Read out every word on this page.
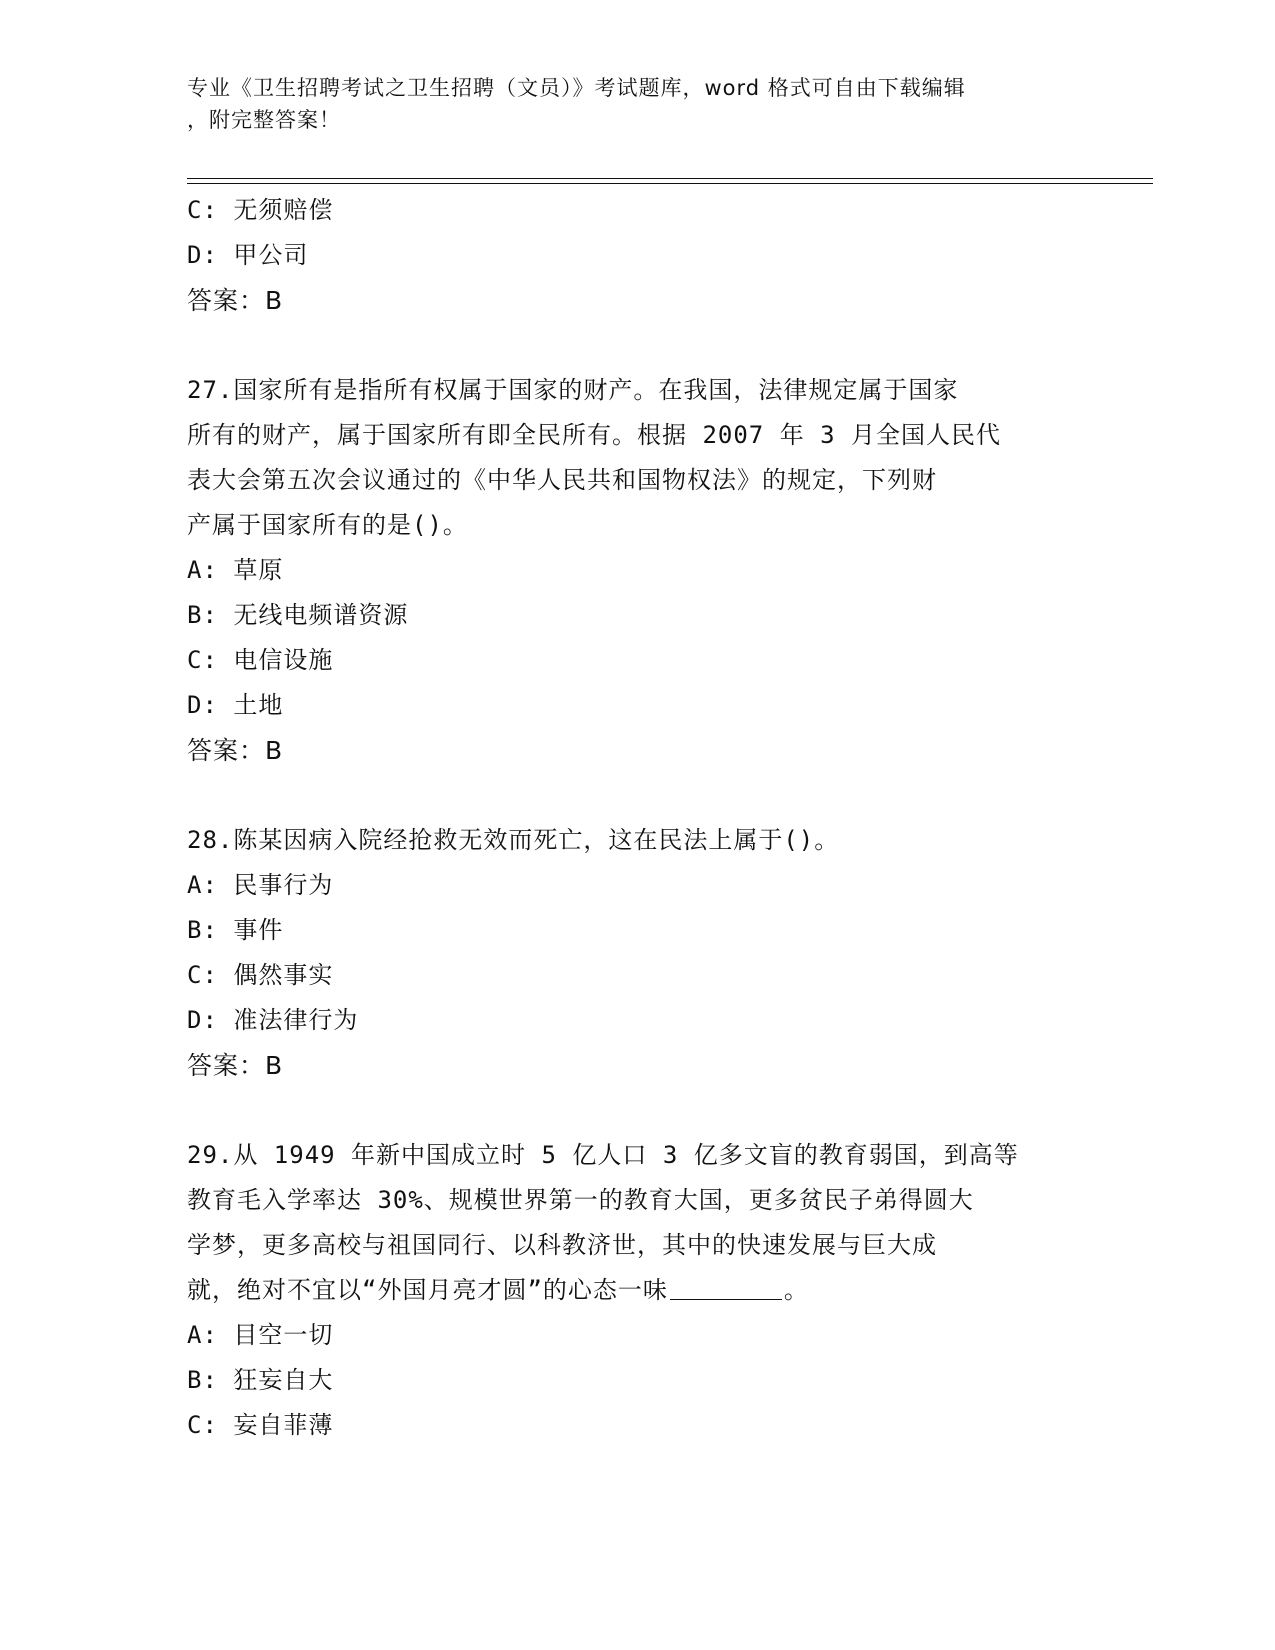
专业《卫生招聘考试之卫生招聘（文员）》考试题库，word 格式可自由下载编辑
，附完整答案！
C: 无须赔偿
D: 甲公司
答案：B
27.国家所有是指所有权属于国家的财产。在我国，法律规定属于国家
所有的财产，属于国家所有即全民所有。根据 2007 年 3 月全国人民代
表大会第五次会议通过的《中华人民共和国物权法》的规定，下列财
产属于国家所有的是()。
A: 草原
B: 无线电频谱资源
C: 电信设施
D: 土地
答案：B
28.陈某因病入院经抢救无效而死亡，这在民法上属于()。
A: 民事行为
B: 事件
C: 偶然事实
D: 准法律行为
答案：B
29.从 1949 年新中国成立时 5 亿人口 3 亿多文盲的教育弱国，到高等
教育毛入学率达 30%、规模世界第一的教育大国，更多贫民子弟得圆大
学梦，更多高校与祖国同行、以科教济世，其中的快速发展与巨大成
就，绝对不宜以“外国月亮才圆”的心态一味	。
A: 目空一切
B: 狂妄自大
C: 妄自菲薄
